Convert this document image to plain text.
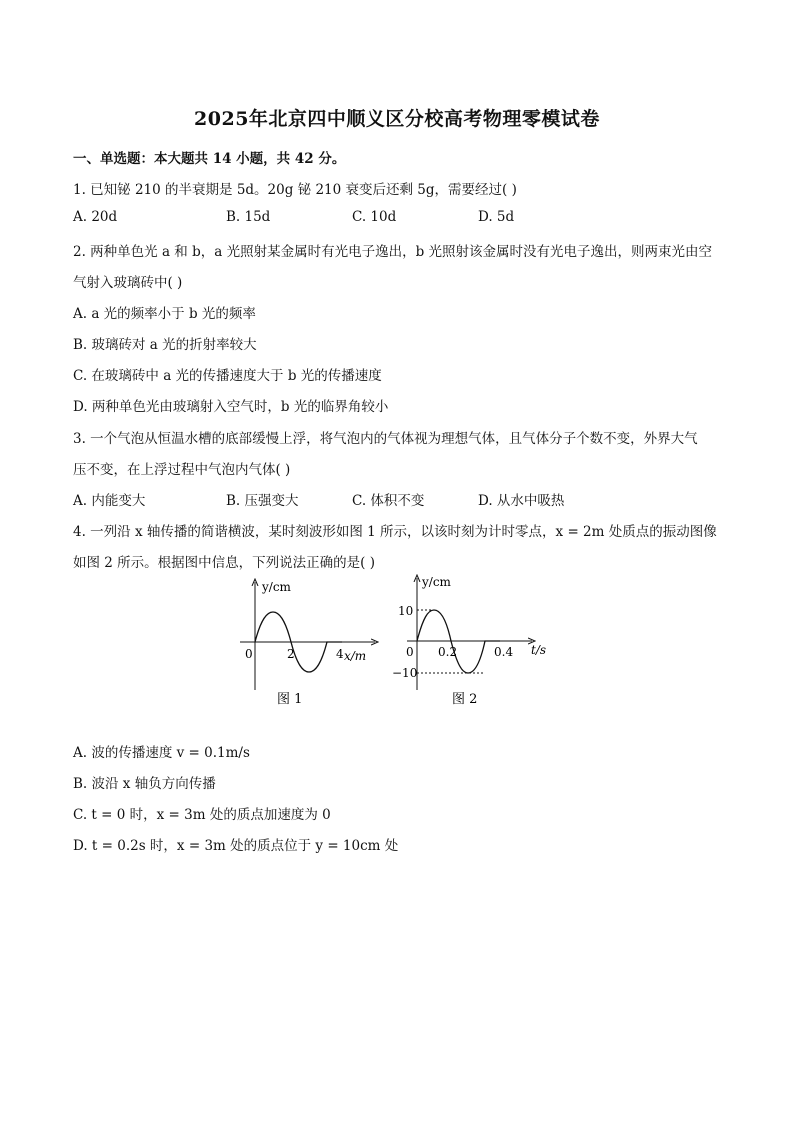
2025年北京四中顺义区分校高考物理零模试卷
一、单选题：本大题共 14 小题，共 42 分。
1. 已知铋 210 的半衰期是 5d。20g 铋 210 衰变后还剩 5g，需要经过( )
A. 20d	B. 15d	C. 10d	D. 5d
2. 两种单色光 a 和 b，a 光照射某金属时有光电子逸出，b 光照射该金属时没有光电子逸出，则两束光由空
气射入玻璃砖中( )
A. a 光的频率小于 b 光的频率
B. 玻璃砖对 a 光的折射率较大
C. 在玻璃砖中 a 光的传播速度大于 b 光的传播速度
D. 两种单色光由玻璃射入空气时，b 光的临界角较小
3. 一个气泡从恒温水槽的底部缓慢上浮，将气泡内的气体视为理想气体，且气体分子个数不变，外界大气
压不变，在上浮过程中气泡内气体( )
A. 内能变大	B. 压强变大	C. 体积不变	D. 从水中吸热
4. 一列沿 x 轴传播的简谐横波，某时刻波形如图 1 所示，以该时刻为计时零点，x = 2m 处质点的振动图像
如图 2 所示。根据图中信息，下列说法正确的是( )
y/cm
0	2	4 x/m
图 1
y/cm
10
0 0.2	0.4 t/s
−10
图 2
A. 波的传播速度 v = 0.1m/s
B. 波沿 x 轴负方向传播
C. t = 0 时，x = 3m 处的质点加速度为 0
D. t = 0.2s 时，x = 3m 处的质点位于 y = 10cm 处
